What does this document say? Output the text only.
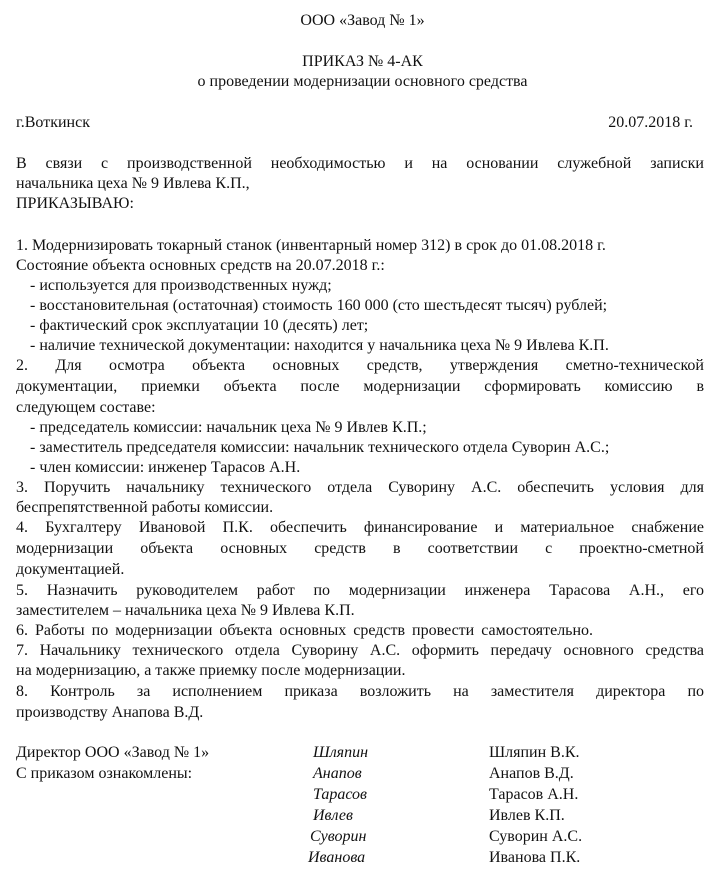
ООО «Завод № 1»
ПРИКАЗ № 4-АК
о проведении модернизации основного средства
г.Воткинск	20.07.2018 г.
В связи с производственной необходимостью и на основании служебной записки
начальника цеха № 9 Ивлева К.П.,
ПРИКАЗЫВАЮ:
1. Модернизировать токарный станок (инвентарный номер 312) в срок до 01.08.2018 г.
Состояние объекта основных средств на 20.07.2018 г.:
- используется для производственных нужд;
- восстановительная (остаточная) стоимость 160 000 (сто шестьдесят тысяч) рублей;
- фактический срок эксплуатации 10 (десять) лет;
- наличие технической документации: находится у начальника цеха № 9 Ивлева К.П.
2. Для осмотра объекта основных средств, утверждения сметно-технической
документации, приемки объекта после модернизации сформировать комиссию в
следующем составе:
- председатель комиссии: начальник цеха № 9 Ивлев К.П.;
- заместитель председателя комиссии: начальник технического отдела Суворин А.С.;
- член комиссии: инженер Тарасов А.Н.
3. Поручить начальнику технического отдела Суворину А.С. обеспечить условия для
беспрепятственной работы комиссии.
4. Бухгалтеру Ивановой П.К. обеспечить финансирование и материальное снабжение
модернизации объекта основных средств в соответствии с проектно-сметной
документацией.
5. Назначить руководителем работ по модернизации инженера Тарасова А.Н., его
заместителем – начальника цеха № 9 Ивлева К.П.
6. Работы по модернизации объекта основных средств провести самостоятельно.
7. Начальнику технического отдела Суворину А.С. оформить передачу основного средства
на модернизацию, а также приемку после модернизации.
8. Контроль за исполнением приказа возложить на заместителя директора по
производству Анапова В.Д.
Директор ООО «Завод № 1»
С приказом ознакомлены:
Шляпин	Шляпин В.К.
Анапов	Анапов В.Д.
Тарасов	Тарасов А.Н.
Ивлев	Ивлев К.П.
Суворин	Суворин А.С.
Иванова	Иванова П.К.
